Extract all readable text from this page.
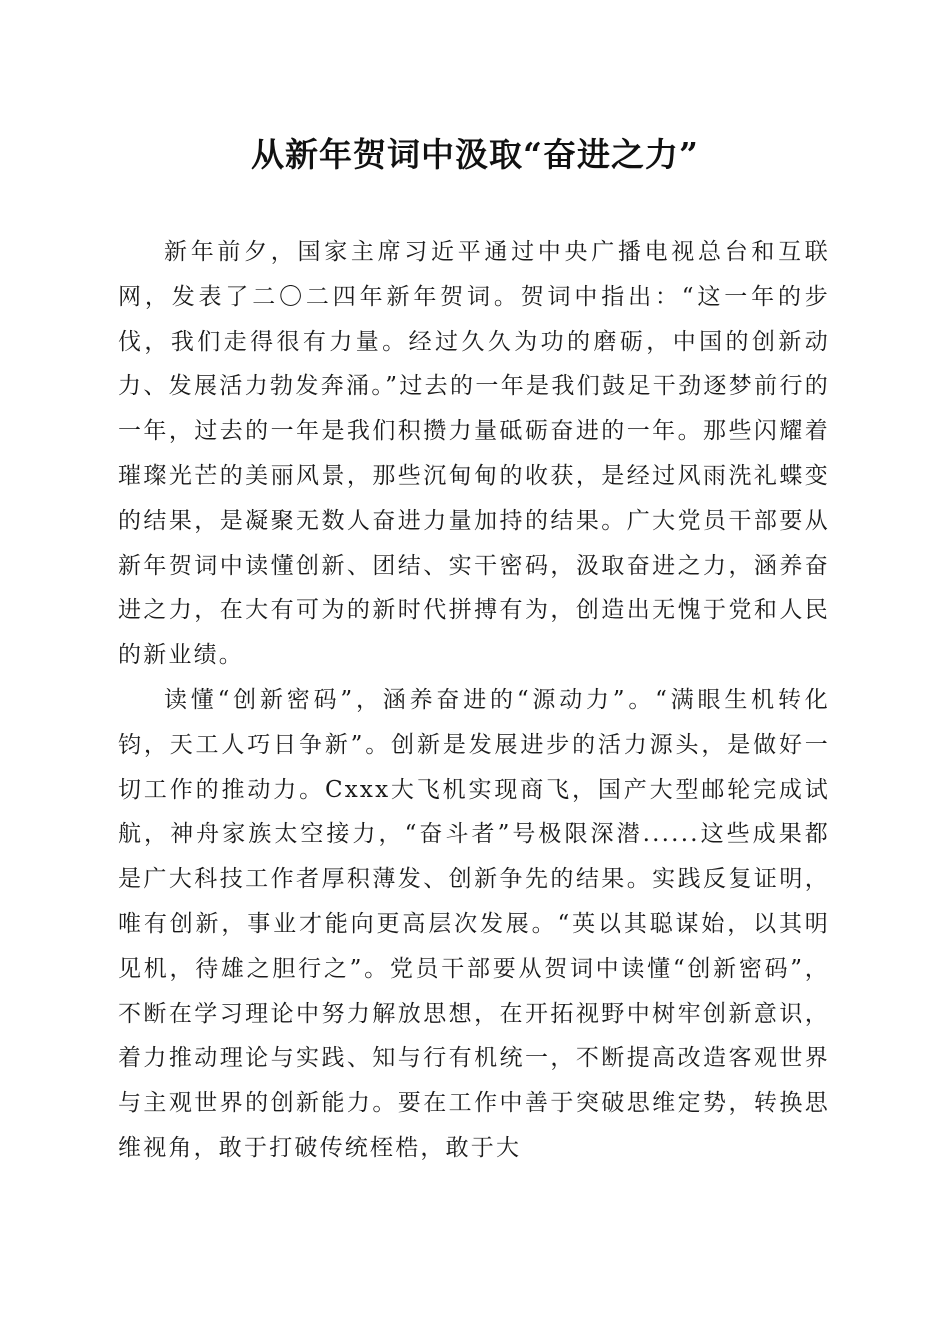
从新年贺词中汲取“奋进之力”

新年前夕，国家主席习近平通过中央广播电视总台和互联网，发表了二〇二四年新年贺词。贺词中指出：“这一年的步伐，我们走得很有力量。经过久久为功的磨砺，中国的创新动力、发展活力勃发奔涌。”过去的一年是我们鼓足干劲逐梦前行的一年，过去的一年是我们积攒力量砥砺奋进的一年。那些闪耀着璀璨光芒的美丽风景，那些沉甸甸的收获，是经过风雨洗礼蝶变的结果，是凝聚无数人奋进力量加持的结果。广大党员干部要从新年贺词中读懂创新、团结、实干密码，汲取奋进之力，涵养奋进之力，在大有可为的新时代拼搏有为，创造出无愧于党和人民的新业绩。

读懂“创新密码”，涵养奋进的“源动力”。“满眼生机转化钧，天工人巧日争新”。创新是发展进步的活力源头，是做好一切工作的推动力。Cxxx大飞机实现商飞，国产大型邮轮完成试航，神舟家族太空接力，“奋斗者”号极限深潜......这些成果都是广大科技工作者厚积薄发、创新争先的结果。实践反复证明，唯有创新，事业才能向更高层次发展。“英以其聪谋始，以其明见机，待雄之胆行之”。党员干部要从贺词中读懂“创新密码”，不断在学习理论中努力解放思想，在开拓视野中树牢创新意识，着力推动理论与实践、知与行有机统一，不断提高改造客观世界与主观世界的创新能力。要在工作中善于突破思维定势，转换思维视角，敢于打破传统桎梏，敢于大
